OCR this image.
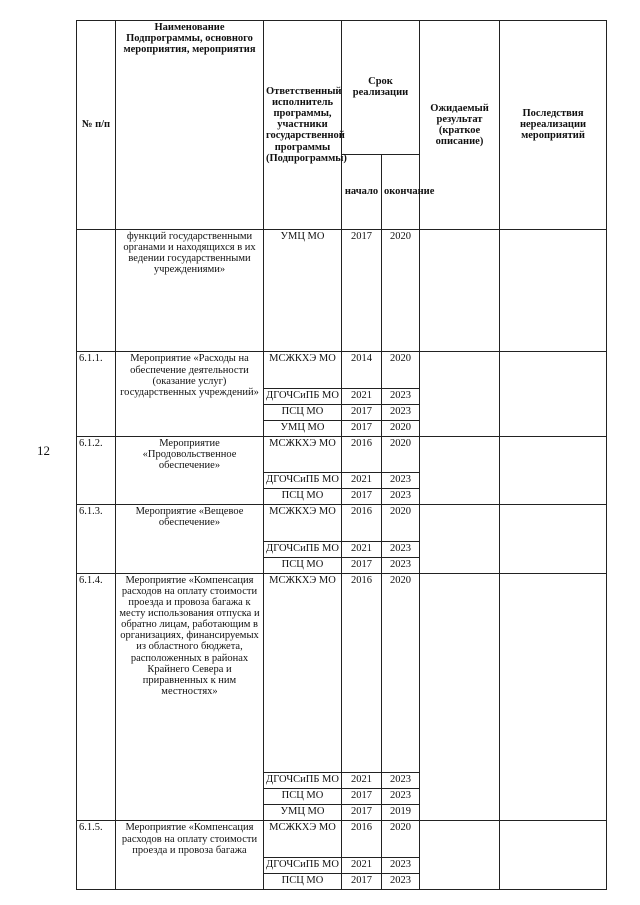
12
№ п/п	Наименование Подпрограммы, основного мероприятия, мероприятия	Ответственный исполнитель программы, участники государственной программы (Подпрограммы)	Срок реализации		Ожидаемый результат (краткое описание)	Последствия нереализации мероприятий
			начало	окончание		
	функций государственными органами и находящихся в их ведении государственными учреждениями»	УМЦ МО	2017	2020		
6.1.1.	Мероприятие «Расходы на обеспечение деятельности (оказание услуг) государственных учреждений»	МСЖКХЭ МО	2014	2020		
		ДГОЧСиПБ МО	2021	2023		
		ПСЦ МО	2017	2023		
		УМЦ МО	2017	2020		
6.1.2.	Мероприятие «Продовольственное обеспечение»	МСЖКХЭ МО	2016	2020		
		ДГОЧСиПБ МО	2021	2023		
		ПСЦ МО	2017	2023		
6.1.3.	Мероприятие «Вещевое обеспечение»	МСЖКХЭ МО	2016	2020		
		ДГОЧСиПБ МО	2021	2023		
		ПСЦ МО	2017	2023		
6.1.4.	Мероприятие «Компенсация расходов на оплату стоимости проезда и провоза багажа к месту использования отпуска и обратно лицам, работающим в организациях, финансируемых из областного бюджета, расположенных в районах Крайнего Севера и приравненных к ним местностях»	МСЖКХЭ МО	2016	2020		
		ДГОЧСиПБ МО	2021	2023		
		ПСЦ МО	2017	2023		
		УМЦ МО	2017	2019		
6.1.5.	Мероприятие «Компенсация расходов на оплату стоимости проезда и провоза багажа	МСЖКХЭ МО	2016	2020		
		ДГОЧСиПБ МО	2021	2023		
		ПСЦ МО	2017	2023		
